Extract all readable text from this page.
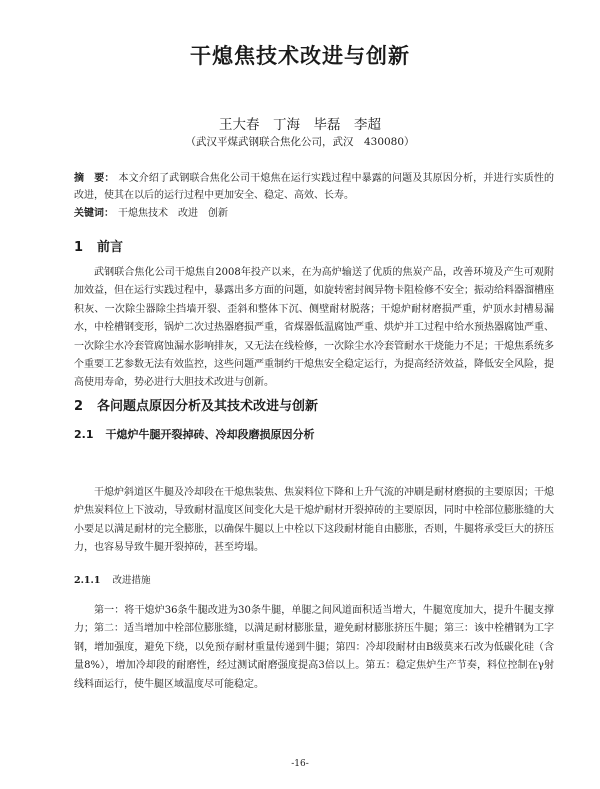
干熄焦技术改进与创新
王大春　丁海　毕磊　李超
（武汉平煤武钢联合焦化公司，武汉　430080）
摘　要： 本文介绍了武钢联合焦化公司干熄焦在运行实践过程中暴露的问题及其原因分析，并进行实质性的改进，使其在以后的运行过程中更加安全、稳定、高效、长寿。
关键词： 干熄焦技术　改进　创新
1 前言

武钢联合焦化公司干熄焦自2008年投产以来，在为高炉输送了优质的焦炭产品，改善环境及产生可观附加效益，但在运行实践过程中，暴露出多方面的问题，如旋转密封阀异物卡阻检修不安全；振动给料器溜槽座积灰、一次除尘器除尘挡墙开裂、歪斜和整体下沉、侧壁耐材脱落；干熄炉耐材磨损严重，炉顶水封槽易漏水，中栓槽钢变形，锅炉二次过热器磨损严重，省煤器低温腐蚀严重、烘炉并工过程中给水预热器腐蚀严重、一次除尘水冷套管腐蚀漏水影响排灰，又无法在线检修，一次除尘水冷套管耐水干烧能力不足；干熄焦系统多个重要工艺参数无法有效监控，这些问题严重制约干熄焦安全稳定运行，为提高经济效益，降低安全风险，提高使用寿命，势必进行大胆技术改进与创新。

2 各问题点原因分析及其技术改进与创新
2.1 干熄炉牛腿开裂掉砖、冷却段磨损原因分析

干熄炉斜道区牛腿及冷却段在干熄焦装焦、焦炭料位下降和上升气流的冲刷是耐材磨损的主要原因；干熄炉焦炭料位上下波动，导致耐材温度区间变化大是干熄炉耐材开裂掉砖的主要原因，同时中栓部位膨胀缝的大小要足以满足耐材的完全膨胀，以确保牛腿以上中栓以下这段耐材能自由膨胀，否则，牛腿将承受巨大的挤压力，也容易导致牛腿开裂掉砖，甚至垮塌。

2.1.1 改进措施

第一：将干熄炉36条牛腿改进为30条牛腿，单腿之间风道面积适当增大，牛腿宽度加大，提升牛腿支撑力；第二：适当增加中栓部位膨胀缝，以满足耐材膨胀量，避免耐材膨胀挤压牛腿；第三：该中栓槽钢为工字钢，增加强度，避免下绕，以免预存耐材重量传递到牛腿；第四：冷却段耐材由B级莫来石改为低碳化硅（含量8%），增加冷却段的耐磨性，经过测试耐磨强度提高3倍以上。第五：稳定焦炉生产节奏，料位控制在γ射线料面运行，使牛腿区域温度尽可能稳定。

-16-
